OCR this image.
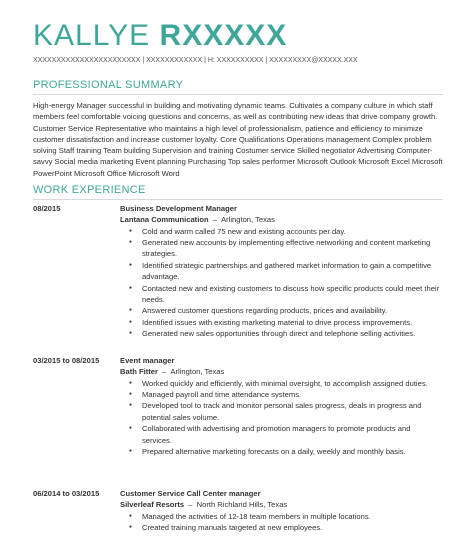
KALLYE RXXXXX
XXXXXXXXXXXXXXXXXXXXXXX | XXXXXXXXXXXX | H: XXXXXXXXXX | XXXXXXXXX@XXXXX.XXX
PROFESSIONAL SUMMARY
High-energy Manager successful in building and motivating dynamic teams. Cultivates a company culture in which staff members feel comfortable voicing questions and concerns, as well as contributing new ideas that drive company growth. Customer Service Representative who maintains a high level of professionalism, patience and efficiency to minimize customer dissatisfaction and increase customer loyalty. Core Qualifications Operations management Complex problem solving Staff training Team building Supervision and training Costumer service Skilled negotiator Advertising Computer-savvy Social media marketing Event planning Purchasing Top sales performer Microsoft Outlook Microsoft Excel Microsoft PowerPoint Microsoft Office Microsoft Word
WORK EXPERIENCE
08/2015	Business Development Manager
Lantana Communication – Arlington, Texas
● Cold and warm called 75 new and existing accounts per day.
● Generated new accounts by implementing effective networking and content marketing strategies.
● Identified strategic partnerships and gathered market information to gain a competitive advantage.
● Contacted new and existing customers to discuss how specific products could meet their needs.
● Answered customer questions regarding products, prices and availability.
● Identified issues with existing marketing material to drive process improvements.
● Generated new sales opportunities through direct and telephone selling activities.
03/2015 to 08/2015	Event manager
Bath Fitter – Arlington, Texas
● Worked quickly and efficiently, with minimal oversight, to accomplish assigned duties.
● Managed payroll and time attendance systems.
● Developed tool to track and monitor personal sales progress, deals in progress and potential sales volume.
● Collaborated with advertising and promotion managers to promote products and services.
● Prepared alternative marketing forecasts on a daily, weekly and monthly basis.
06/2014 to 03/2015	Customer Service Call Center manager
Silverleaf Resorts – North Richland Hills, Texas
● Managed the activities of 12-18 team members in multiple locations.
● Created training manuals targeted at new employees.
